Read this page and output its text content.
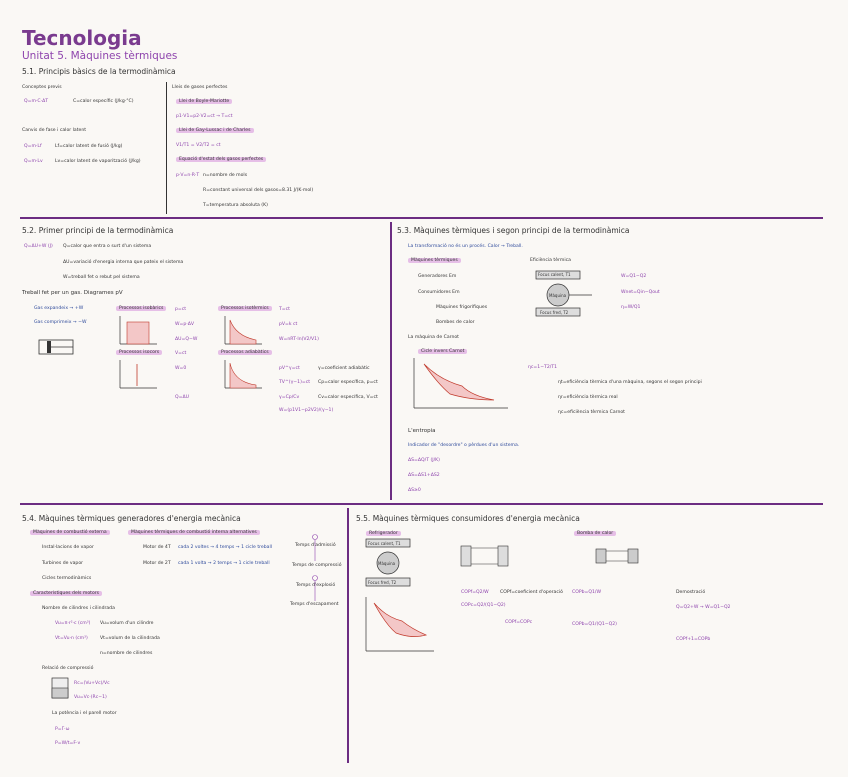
Tecnologia
Unitat 5. Màquines tèrmiques
5.1. Principis bàsics de la termodinàmica
Conceptes previs
Q=m·C·ΔT	C=calor específic (J/kg·°C)
Canvis de fase i calor latent
Q=m·Lf	Lf=calor latent de fusió (J/kg)
Q=m·Lv	Lv=calor latent de vaporització (J/kg)
Lleis de gases perfectes
Llei de Boyle-Mariotte
p1·V1=p2·V2=ct → T=ct
Llei de Gay-Lussac i de Charles
V1/T1 = V2/T2 = ct
Equació d'estat dels gasos perfectes
p·V=n·R·T n=nombre de mols
R=constant universal dels gasos=8.31 J/(K·mol)
T=temperatura absoluta (K)
5.2. Primer principi de la termodinàmica
Q=ΔU+W (J) Q=calor que entra o surt d'un sistema
ΔU=variació d'energia interna que pateix el sistema
W=treball fet o rebut pel sistema
Treball fet per un gas. Diagrames pV
Gas expandeix → +W
Gas comprimeix → −W
Processos isobàrics	p=ct
W=p·ΔV
ΔU=Q−W
Processos isotèrmics	T=ct
pV=k ct
W=nRT·ln(V2/V1)
Processos isocors	V=ct
W=0
Q=ΔU
Processos adiabàtics
pV^γ=ct
TV^(γ−1)=ct
γ=Cp/Cv
W=(p1V1−p2V2)/(γ−1)
γ=coeficient adiabàtic
Cp=calor específica, p=ct
Cv=calor específica, V=ct
5.3. Màquines tèrmiques i segon principi de la termodinàmica
La transformació no és un procés. Calor → Treball.
Màquines tèrmiques
Generadores Em
Consumidores Em
Màquines frigorífiques
Bombes de calor
Eficiència tèrmica
Focus calent, T1
Màquina
Focus fred, T2
W=Q1−Q2
Wnet=Qin−Qout
η=W/Q1
La màquina de Carnot
Cicle invers Carnot
ηc=1−T2/T1
ηt=eficiència tèrmica d'una màquina, segons el segon principi
ηr=eficiència tèrmica real
ηc=eficiència tèrmica Carnot
L'entropia
Indicador de "desordre" o pèrdues d'un sistema.
ΔS=ΔQ/T (J/K)
ΔS=ΔS1+ΔS2
ΔS≥0
5.4. Màquines tèrmiques generadores d'energia mecànica
Màquines de combustió externa	Màquines tèrmiques de combustió interna alternatives
Instal·lacions de vapor
Turbines de vapor
Cicles termodinàmics
Motor de 4T cada 2 voltes → 4 temps → 1 cicle treball
Motor de 2T cada 1 volta → 2 temps → 1 cicle treball
Característiques dels motors
Nombre de cilindres i cilindrada
Vu=π·r²·c (cm³) Vu=volum d'un cilindre
Vt=Vu·n (cm³)	Vt=volum de la cilindrada
n=nombre de cilindres
Relació de compressió
Rc=(Vu+Vc)/Vc
Vu=Vc·(Rc−1)
La potència i el parell motor
P=Γ·ω
P=W/t=F·v
Temps d'admissió
Temps de compressió
Temps d'explosió
Temps d'escapament
5.5. Màquines tèrmiques consumidores d'energia mecànica
Refrigerador	Bomba de calor
Focus calent, T1
Màquina
Focus fred, T2
COPf=Q2/W COPf=coeficient d'operació
COPc=Q2/(Q1−Q2)
COPf=COPc
COPb=Q1/W
COPb=Q1/(Q1−Q2)
Demostració
Q=Q2+W → W=Q1−Q2
COPf+1=COPb
